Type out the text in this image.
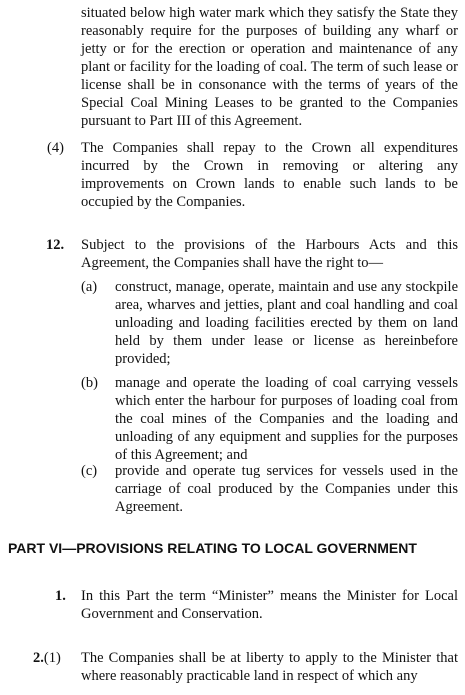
situated below high water mark which they satisfy the State they reasonably require for the purposes of building any wharf or jetty or for the erection or operation and maintenance of any plant or facility for the loading of coal. The term of such lease or license shall be in consonance with the terms of years of the Special Coal Mining Leases to be granted to the Companies pursuant to Part III of this Agreement.
(4) The Companies shall repay to the Crown all expenditures incurred by the Crown in removing or altering any improvements on Crown lands to enable such lands to be occupied by the Companies.
12. Subject to the provisions of the Harbours Acts and this Agreement, the Companies shall have the right to—
(a) construct, manage, operate, maintain and use any stockpile area, wharves and jetties, plant and coal handling and coal unloading and loading facilities erected by them on land held by them under lease or license as hereinbefore provided;
(b) manage and operate the loading of coal carrying vessels which enter the harbour for purposes of loading coal from the coal mines of the Companies and the loading and unloading of any equipment and supplies for the purposes of this Agreement; and
(c) provide and operate tug services for vessels used in the carriage of coal produced by the Companies under this Agreement.
PART VI—PROVISIONS RELATING TO LOCAL GOVERNMENT
1. In this Part the term “Minister” means the Minister for Local Government and Conservation.
2.(1) The Companies shall be at liberty to apply to the Minister that where reasonably practicable land in respect of which any
